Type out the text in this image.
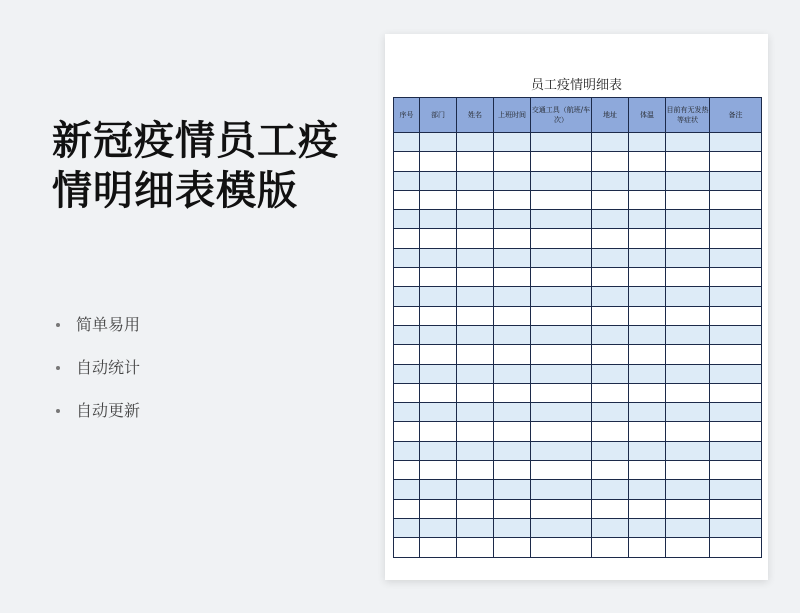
新冠疫情员工疫
情明细表模版
简单易用
自动统计
自动更新
员工疫情明细表
序号	部门	姓名	上班时间	交通工具（航班/车次）	地址	体温	目前有无发热等症状	备注
